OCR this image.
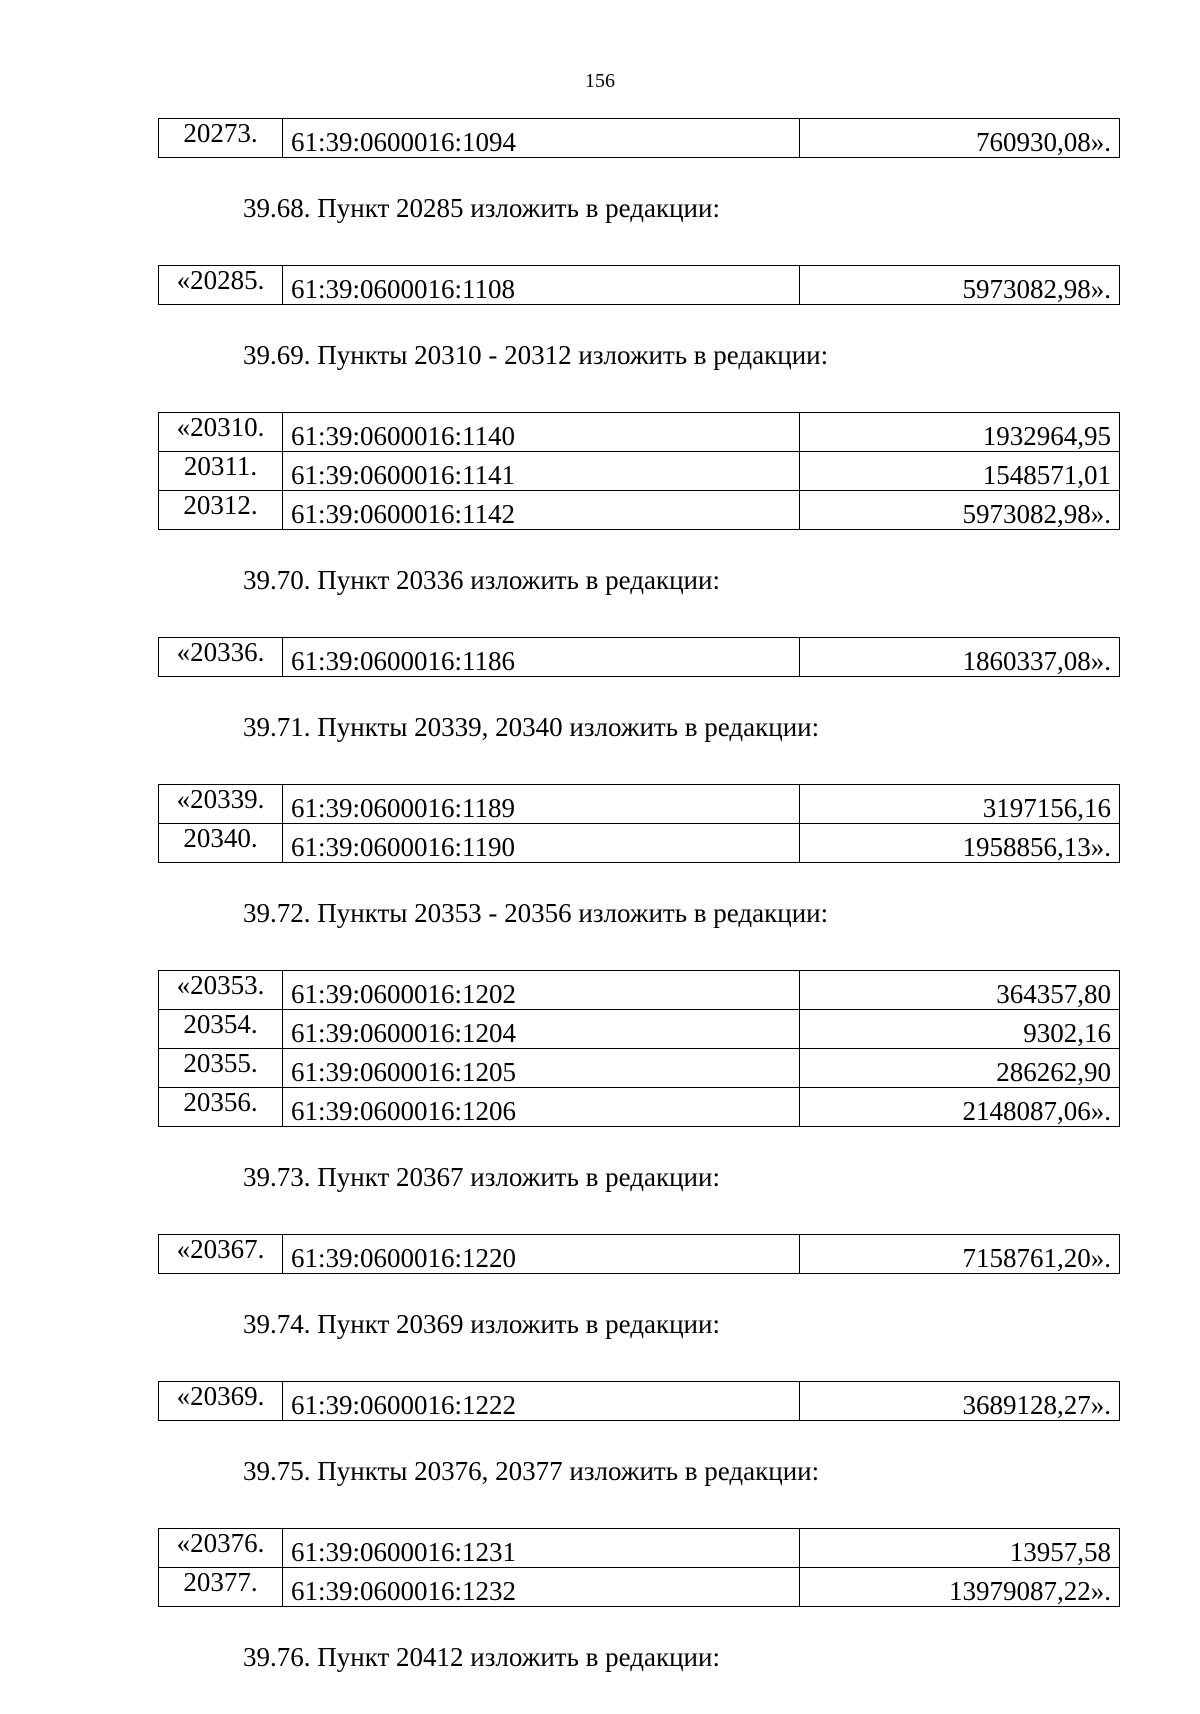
156
20273.	61:39:0600016:1094	760930,08».
39.68. Пункт 20285 изложить в редакции:
«20285.	61:39:0600016:1108	5973082,98».
39.69. Пункты 20310 - 20312 изложить в редакции:
«20310.	61:39:0600016:1140	1932964,95
20311.	61:39:0600016:1141	1548571,01
20312.	61:39:0600016:1142	5973082,98».
39.70. Пункт 20336 изложить в редакции:
«20336.	61:39:0600016:1186	1860337,08».
39.71. Пункты 20339, 20340 изложить в редакции:
«20339.	61:39:0600016:1189	3197156,16
20340.	61:39:0600016:1190	1958856,13».
39.72. Пункты 20353 - 20356 изложить в редакции:
«20353.	61:39:0600016:1202	364357,80
20354.	61:39:0600016:1204	9302,16
20355.	61:39:0600016:1205	286262,90
20356.	61:39:0600016:1206	2148087,06».
39.73. Пункт 20367 изложить в редакции:
«20367.	61:39:0600016:1220	7158761,20».
39.74. Пункт 20369 изложить в редакции:
«20369.	61:39:0600016:1222	3689128,27».
39.75. Пункты 20376, 20377 изложить в редакции:
«20376.	61:39:0600016:1231	13957,58
20377.	61:39:0600016:1232	13979087,22».
39.76. Пункт 20412 изложить в редакции:
